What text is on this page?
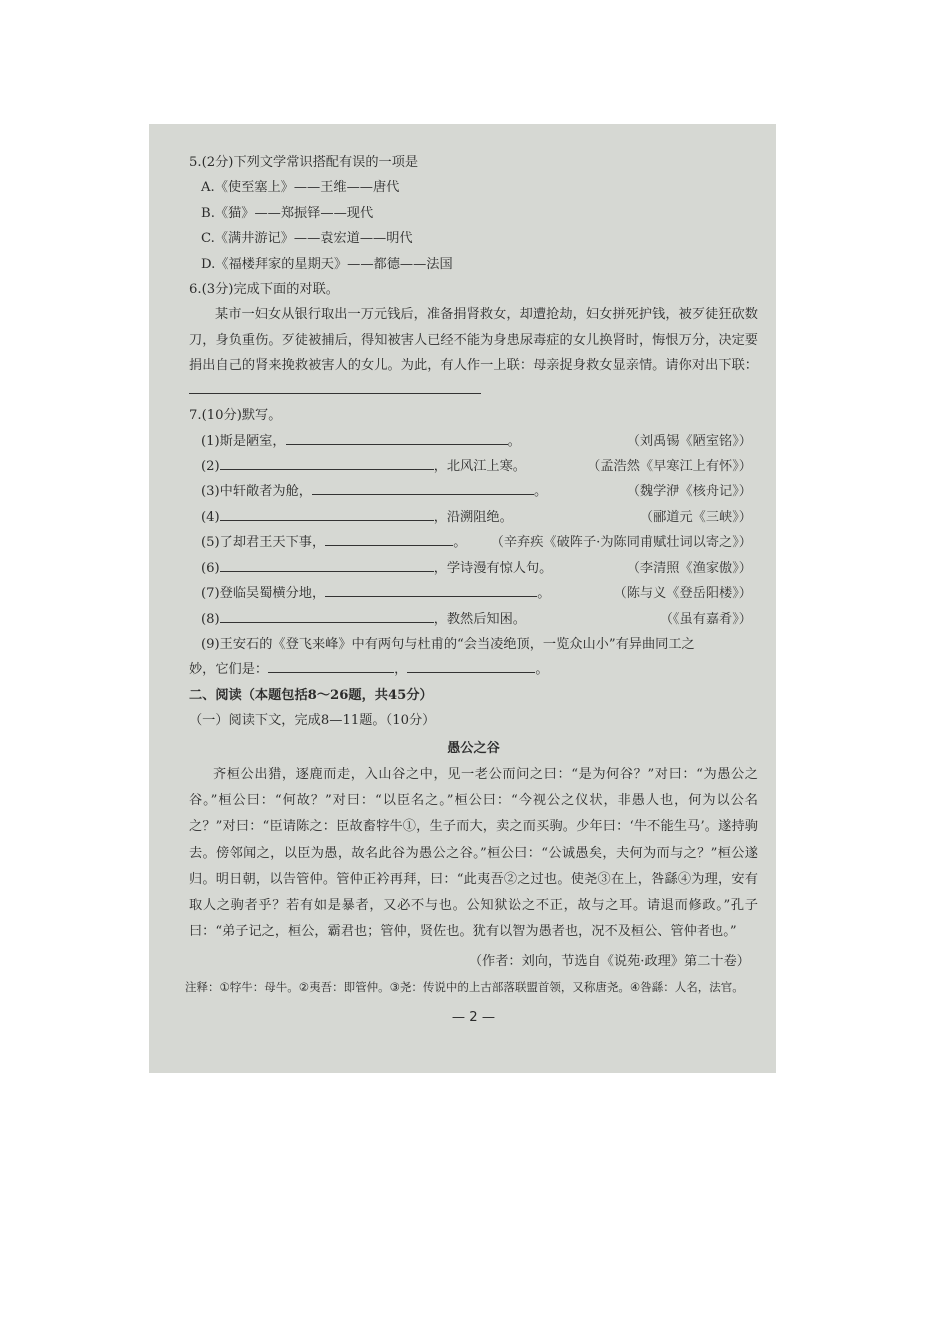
5.(2分)下列文学常识搭配有误的一项是
A.《使至塞上》——王维——唐代
B.《猫》——郑振铎——现代
C.《满井游记》——袁宏道——明代
D.《福楼拜家的星期天》——都德——法国
6.(3分)完成下面的对联。
某市一妇女从银行取出一万元钱后，准备捐肾救女，却遭抢劫，妇女拼死护钱，被歹徒狂砍数刀，身负重伤。歹徒被捕后，得知被害人已经不能为身患尿毒症的女儿换肾时，悔恨万分，决定要捐出自己的肾来挽救被害人的女儿。为此，有人作一上联：母亲捉身救女显亲情。请你对出下联：
7.(10分)默写。
(1)斯是陋室，	。	（刘禹锡《陋室铭》）
(2)	，北风江上寒。	（孟浩然《早寒江上有怀》）
(3)中轩敞者为舱，	。	（魏学洢《核舟记》）
(4)	，沿溯阻绝。	（郦道元《三峡》）
(5)了却君王天下事，	。 （辛弃疾《破阵子·为陈同甫赋壮词以寄之》）
(6)	，学诗漫有惊人句。	（李清照《渔家傲》）
(7)登临吴蜀横分地，	。	（陈与义《登岳阳楼》）
(8)	，教然后知困。	（《虽有嘉肴》）
(9)王安石的《登飞来峰》中有两句与杜甫的“会当凌绝顶，一览众山小”有异曲同工之
妙，它们是：	，	。
二、阅读（本题包括8～26题，共45分）
（一）阅读下文，完成8—11题。（10分）
愚公之谷
齐桓公出猎，逐鹿而走，入山谷之中，见一老公而问之曰：“是为何谷？”对曰：“为愚公之谷。”桓公曰：“何故？”对曰：“以臣名之。”桓公曰：“今视公之仪状，非愚人也，何为以公名之？”对曰：“臣请陈之：臣故畜牸牛①，生子而大，卖之而买驹。少年曰：‘牛不能生马’。遂持驹去。傍邻闻之，以臣为愚，故名此谷为愚公之谷。”桓公曰：“公诚愚矣，夫何为而与之？”桓公遂归。明日朝，以告管仲。管仲正衿再拜，曰：“此夷吾②之过也。使尧③在上，咎繇④为理，安有取人之驹者乎？若有如是暴者，又必不与也。公知狱讼之不正，故与之耳。请退而修政。”孔子曰：“弟子记之，桓公，霸君也；管仲，贤佐也。犹有以智为愚者也，况不及桓公、管仲者也。”
（作者：刘向，节选自《说苑·政理》第二十卷）
注释：①牸牛：母牛。②夷吾：即管仲。③尧：传说中的上古部落联盟首领，又称唐尧。④咎繇：人名，法官。
— 2 —
